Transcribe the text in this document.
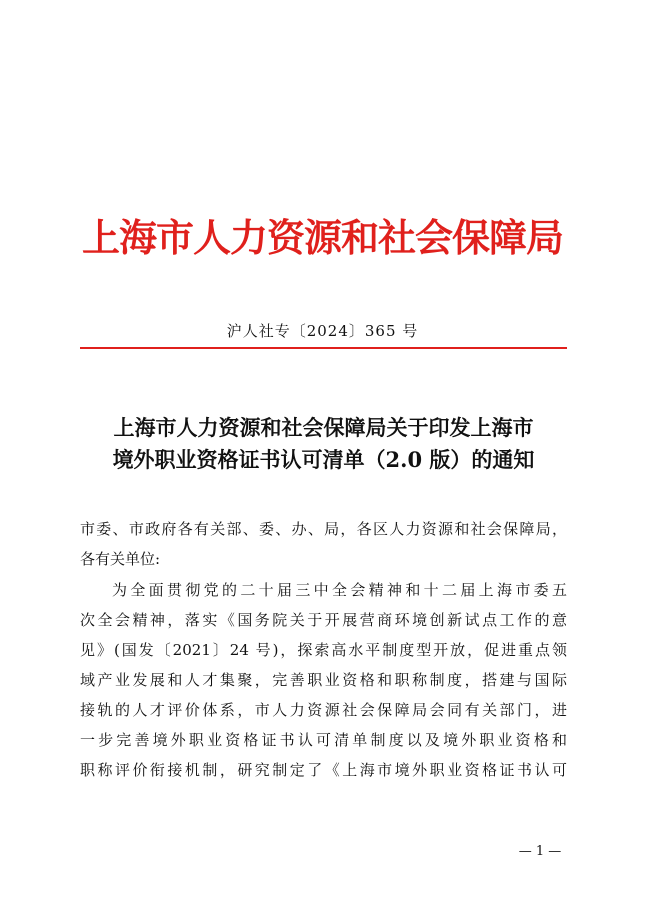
上海市人力资源和社会保障局
沪人社专〔2024〕365 号
上海市人力资源和社会保障局关于印发上海市
境外职业资格证书认可清单（2.0 版）的通知
市委、市政府各有关部、委、办、局，各区人力资源和社会保障局，
各有关单位:
为全面贯彻党的二十届三中全会精神和十二届上海市委五
次全会精神，落实《国务院关于开展营商环境创新试点工作的意
见》(国发〔2021〕24 号)，探索高水平制度型开放，促进重点领
域产业发展和人才集聚，完善职业资格和职称制度，搭建与国际
接轨的人才评价体系，市人力资源社会保障局会同有关部门，进
一步完善境外职业资格证书认可清单制度以及境外职业资格和
职称评价衔接机制，研究制定了《上海市境外职业资格证书认可
— 1 —
